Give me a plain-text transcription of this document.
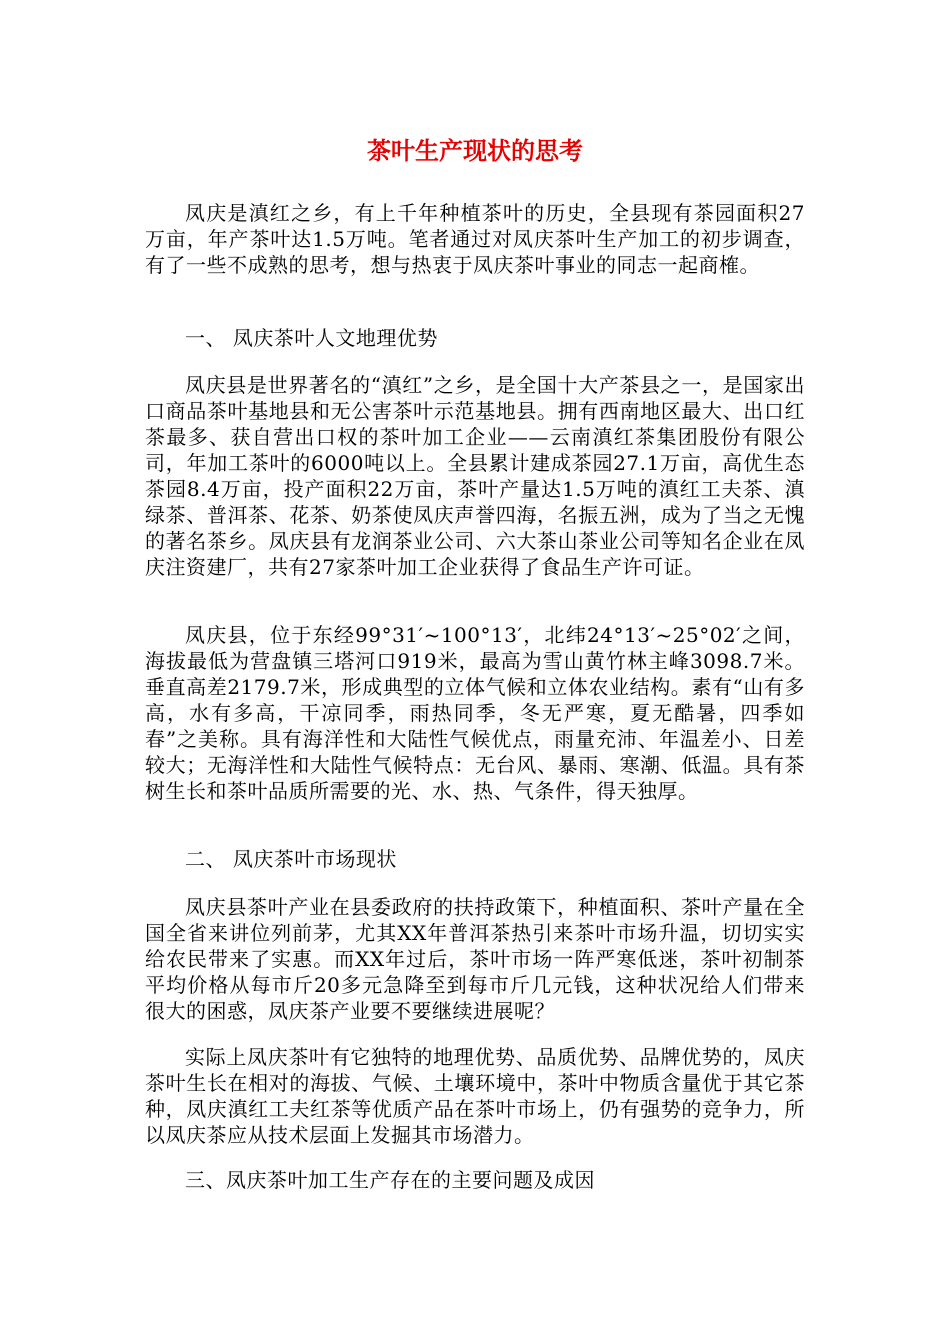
茶叶生产现状的思考

凤庆是滇红之乡，有上千年种植茶叶的历史，全县现有茶园面积27万亩，年产茶叶达1.5万吨。笔者通过对凤庆茶叶生产加工的初步调查，有了一些不成熟的思考，想与热衷于凤庆茶叶事业的同志一起商榷。

一、 凤庆茶叶人文地理优势

凤庆县是世界著名的“滇红”之乡，是全国十大产茶县之一，是国家出口商品茶叶基地县和无公害茶叶示范基地县。拥有西南地区最大、出口红茶最多、获自营出口权的茶叶加工企业——云南滇红茶集团股份有限公司，年加工茶叶的6000吨以上。全县累计建成茶园27.1万亩，高优生态茶园8.4万亩，投产面积22万亩，茶叶产量达1.5万吨的滇红工夫茶、滇绿茶、普洱茶、花茶、奶茶使凤庆声誉四海，名振五洲，成为了当之无愧的著名茶乡。凤庆县有龙润茶业公司、六大茶山茶业公司等知名企业在凤庆注资建厂，共有27家茶叶加工企业获得了食品生产许可证。

凤庆县，位于东经99°31′~100°13′，北纬24°13′~25°02′之间，海拔最低为营盘镇三塔河口919米，最高为雪山黄竹林主峰3098.7米。垂直高差2179.7米，形成典型的立体气候和立体农业结构。素有“山有多高，水有多高，干凉同季，雨热同季，冬无严寒，夏无酷暑，四季如春”之美称。具有海洋性和大陆性气候优点，雨量充沛、年温差小、日差较大；无海洋性和大陆性气候特点：无台风、暴雨、寒潮、低温。具有茶树生长和茶叶品质所需要的光、水、热、气条件，得天独厚。

二、 凤庆茶叶市场现状

凤庆县茶叶产业在县委政府的扶持政策下，种植面积、茶叶产量在全国全省来讲位列前茅，尤其XX年普洱茶热引来茶叶市场升温，切切实实给农民带来了实惠。而XX年过后，茶叶市场一阵严寒低迷，茶叶初制茶平均价格从每市斤20多元急降至到每市斤几元钱，这种状况给人们带来很大的困惑，凤庆茶产业要不要继续进展呢？

实际上凤庆茶叶有它独特的地理优势、品质优势、品牌优势的，凤庆茶叶生长在相对的海拔、气候、土壤环境中，茶叶中物质含量优于其它茶种，凤庆滇红工夫红茶等优质产品在茶叶市场上，仍有强势的竞争力，所以凤庆茶应从技术层面上发掘其市场潜力。

三、凤庆茶叶加工生产存在的主要问题及成因
